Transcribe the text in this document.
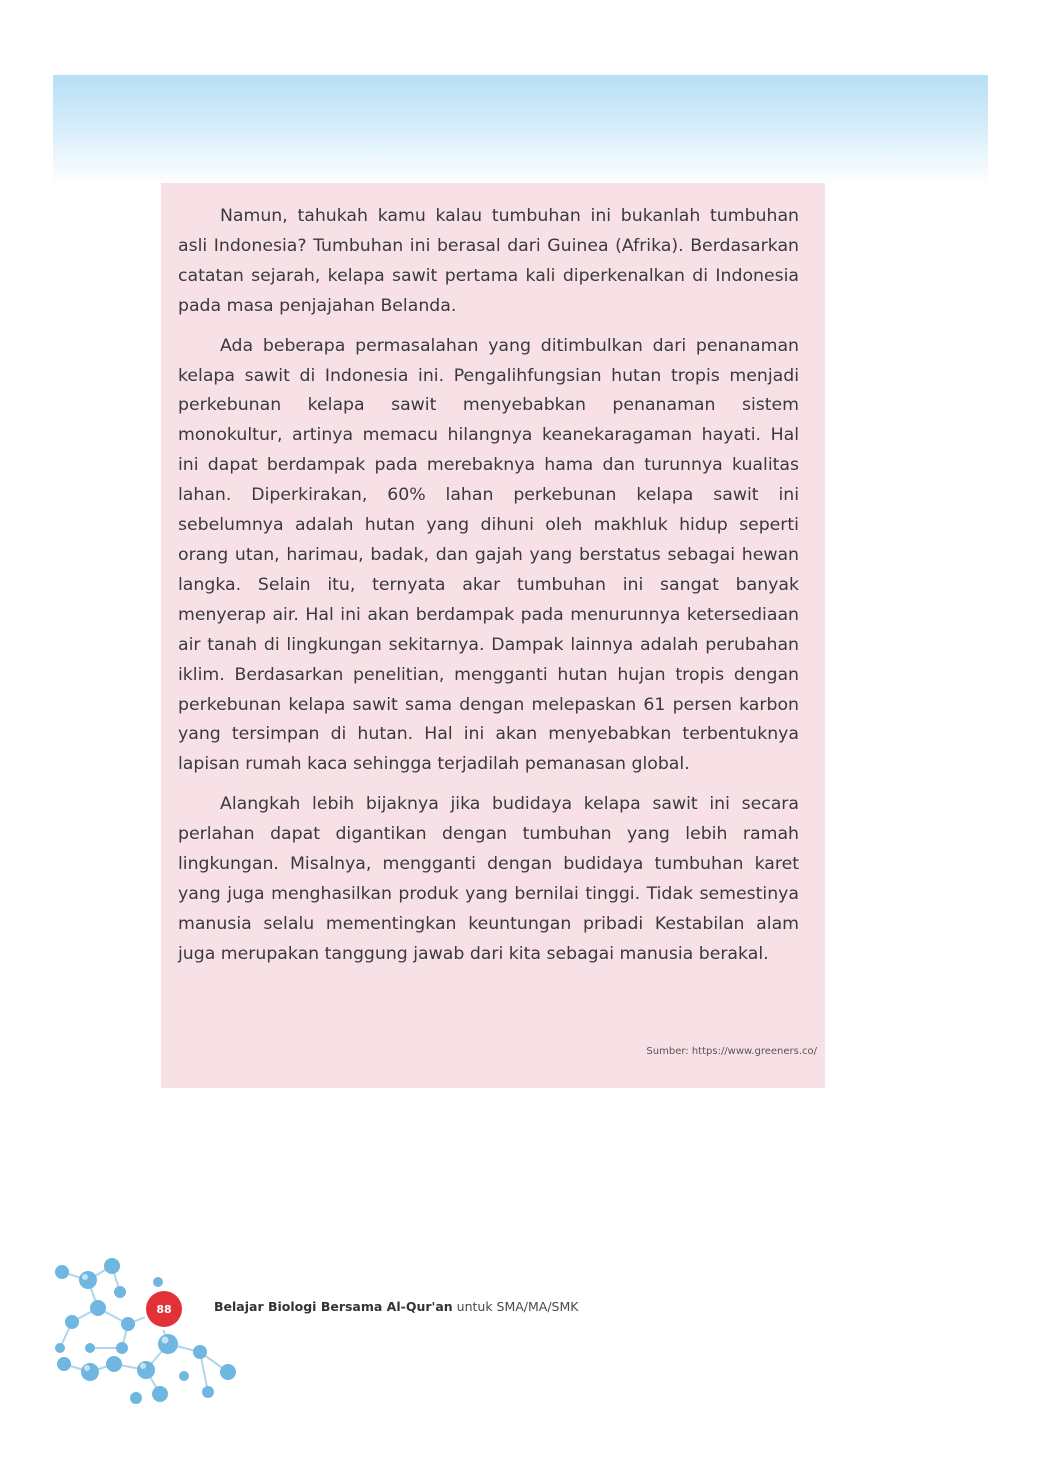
Namun, tahukah kamu kalau tumbuhan ini bukanlah tumbuhan asli Indonesia? Tumbuhan ini berasal dari Guinea (Afrika). Berdasarkan catatan sejarah, kelapa sawit pertama kali diperkenalkan di Indonesia pada masa penjajahan Belanda.

Ada beberapa permasalahan yang ditimbulkan dari penanaman kelapa sawit di Indonesia ini. Pengalihfungsian hutan tropis menjadi perkebunan kelapa sawit menyebabkan penanaman sistem monokultur, artinya memacu hilangnya keanekaragaman hayati. Hal ini dapat berdampak pada merebaknya hama dan turunnya kualitas lahan. Diperkirakan, 60% lahan perkebunan kelapa sawit ini sebelumnya adalah hutan yang dihuni oleh makhluk hidup seperti orang utan, harimau, badak, dan gajah yang berstatus sebagai hewan langka. Selain itu, ternyata akar tumbuhan ini sangat banyak menyerap air. Hal ini akan berdampak pada menurunnya ketersediaan air tanah di lingkungan sekitarnya. Dampak lainnya adalah perubahan iklim. Berdasarkan penelitian, mengganti hutan hujan tropis dengan perkebunan kelapa sawit sama dengan melepaskan 61 persen karbon yang tersimpan di hutan. Hal ini akan menyebabkan terbentuknya lapisan rumah kaca sehingga terjadilah pemanasan global.

Alangkah lebih bijaknya jika budidaya kelapa sawit ini secara perlahan dapat digantikan dengan tumbuhan yang lebih ramah lingkungan. Misalnya, mengganti dengan budidaya tumbuhan karet yang juga menghasilkan produk yang bernilai tinggi. Tidak semestinya manusia selalu mementingkan keuntungan pribadi Kestabilan alam juga merupakan tanggung jawab dari kita sebagai manusia berakal.

Sumber: https://www.greeners.co/
88	Belajar Biologi Bersama Al-Qur'an untuk SMA/MA/SMK
